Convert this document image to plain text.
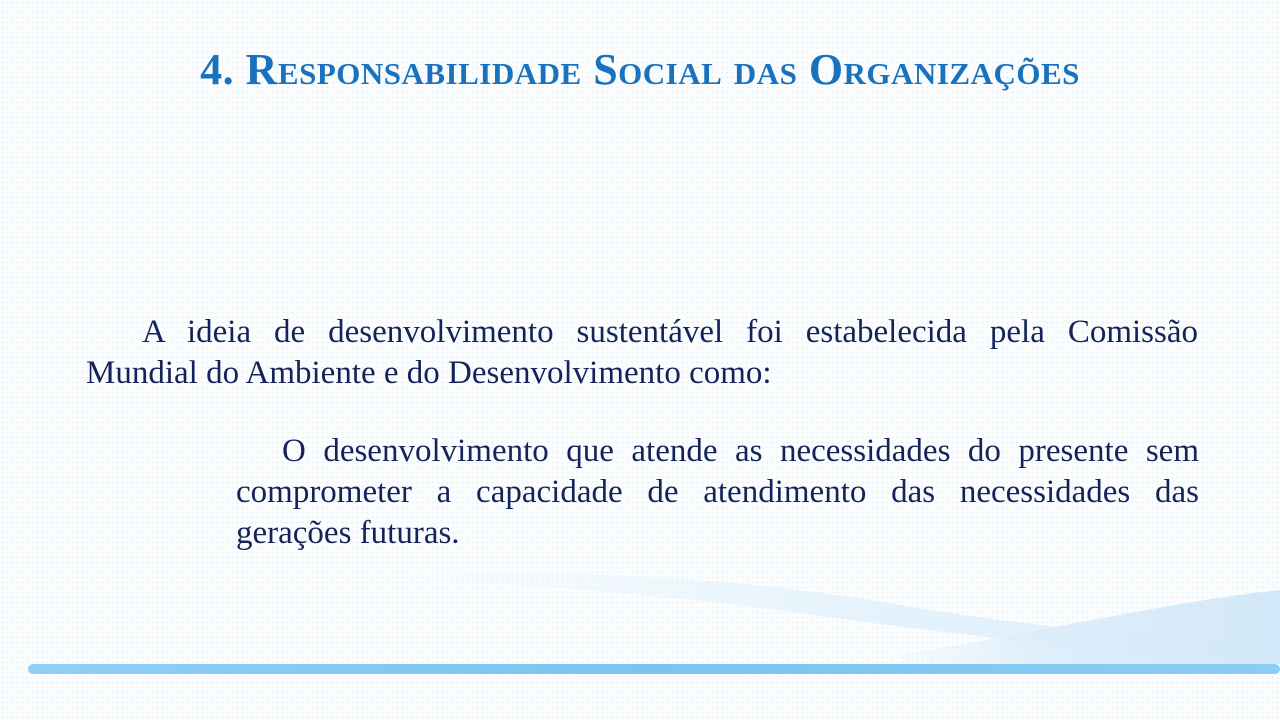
4. Responsabilidade Social das Organizações

A ideia de desenvolvimento sustentável foi estabelecida pela Comissão Mundial do Ambiente e do Desenvolvimento como:

O desenvolvimento que atende as necessidades do presente sem comprometer a capacidade de atendimento das necessidades das gerações futuras.
